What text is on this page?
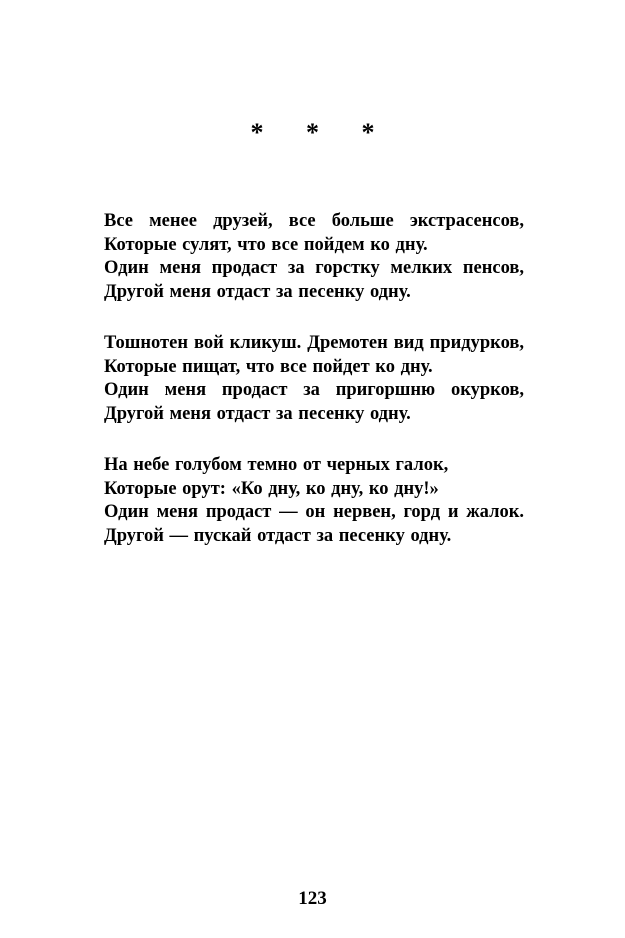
* * *
Все менее друзей, все больше экстрасенсов,
Которые сулят, что все пойдем ко дну.
Один меня продаст за горстку мелких пенсов,
Другой меня отдаст за песенку одну.
Тошнотен вой кликуш. Дремотен вид придурков,
Которые пищат, что все пойдет ко дну.
Один меня продаст за пригоршню окурков,
Другой меня отдаст за песенку одну.
На небе голубом темно от черных галок,
Которые орут: «Ко дну, ко дну, ко дну!»
Один меня продаст — он нервен, горд и жалок.
Другой — пускай отдаст за песенку одну.
123
